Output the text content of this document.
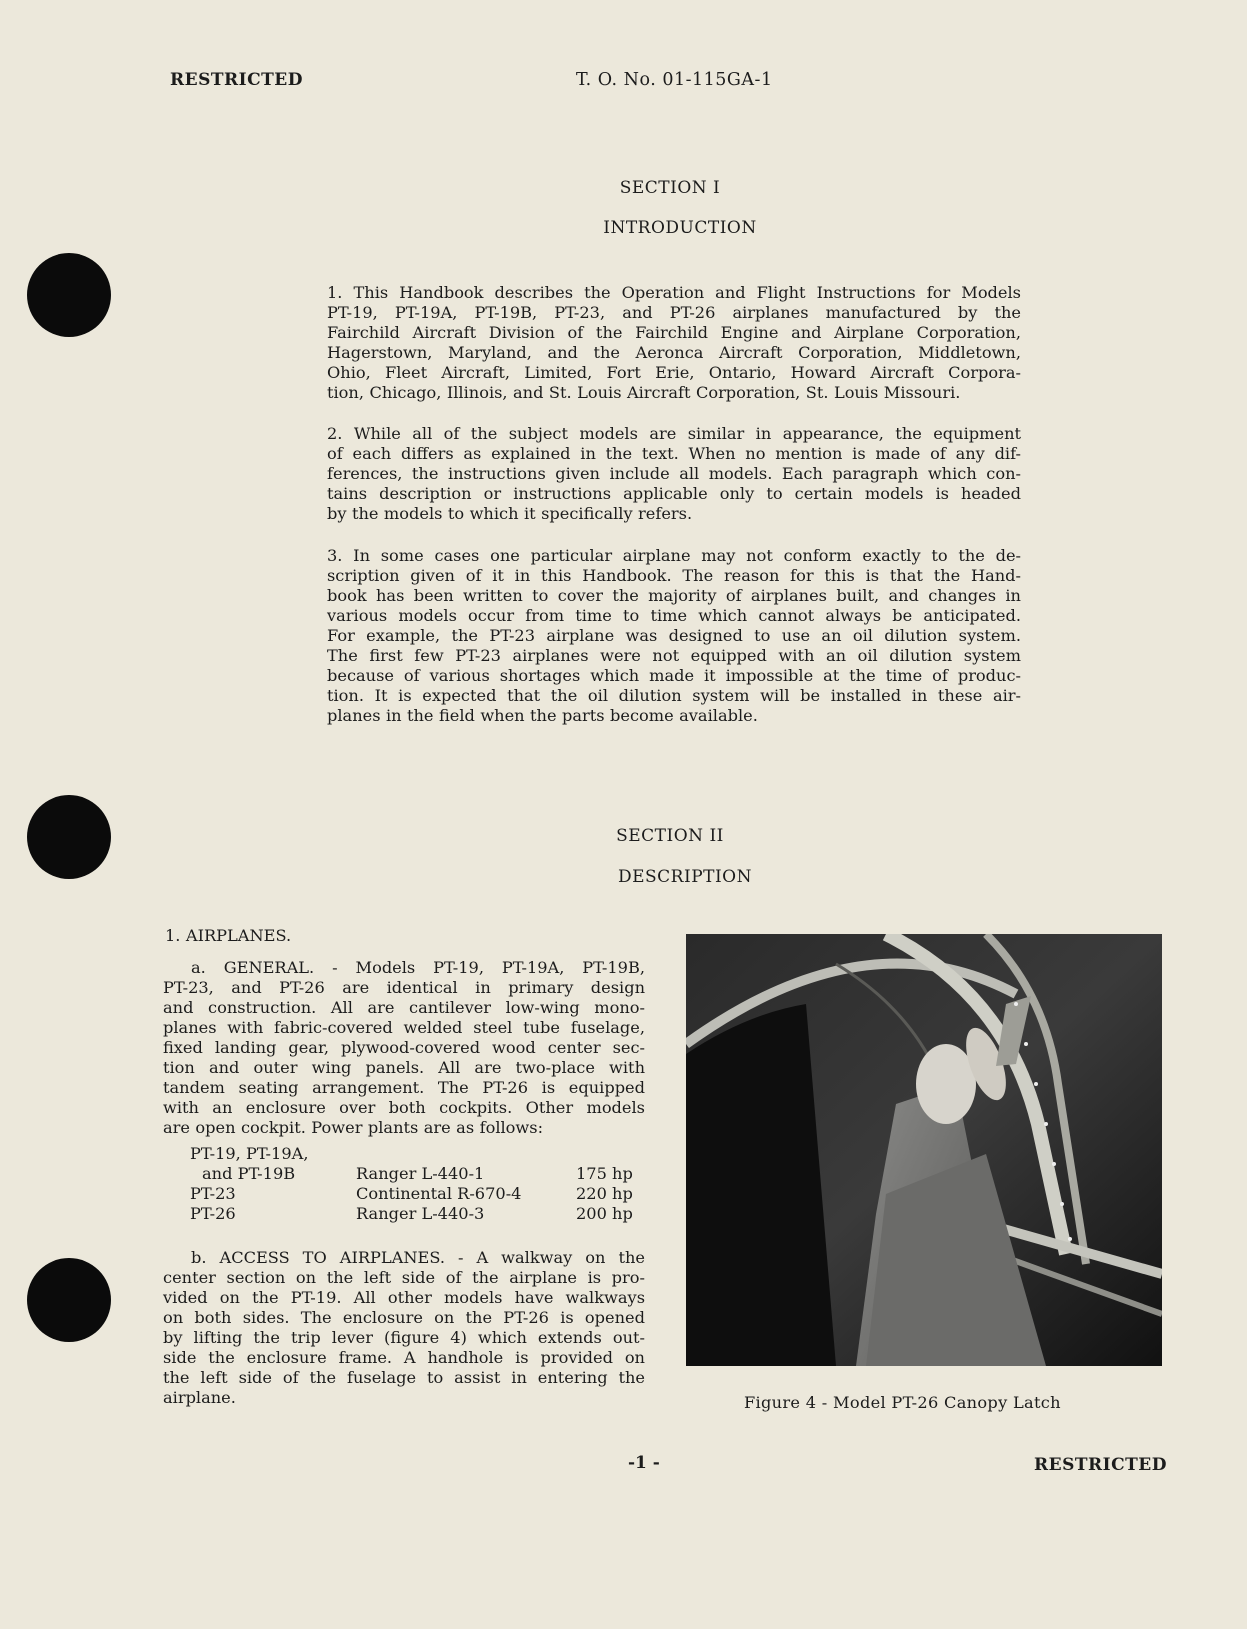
RESTRICTED	T. O. No. 01-115GA-1
SECTION I
INTRODUCTION
1. This Handbook describes the Operation and Flight Instructions for Models
PT-19, PT-19A, PT-19B, PT-23, and PT-26 airplanes manufactured by the
Fairchild Aircraft Division of the Fairchild Engine and Airplane Corporation,
Hagerstown, Maryland, and the Aeronca Aircraft Corporation, Middletown,
Ohio, Fleet Aircraft, Limited, Fort Erie, Ontario, Howard Aircraft Corpora-
tion, Chicago, Illinois, and St. Louis Aircraft Corporation, St. Louis Missouri.
2. While all of the subject models are similar in appearance, the equipment
of each differs as explained in the text. When no mention is made of any dif-
ferences, the instructions given include all models. Each paragraph which con-
tains description or instructions applicable only to certain models is headed
by the models to which it specifically refers.
3. In some cases one particular airplane may not conform exactly to the de-
scription given of it in this Handbook. The reason for this is that the Hand-
book has been written to cover the majority of airplanes built, and changes in
various models occur from time to time which cannot always be anticipated.
For example, the PT-23 airplane was designed to use an oil dilution system.
The first few PT-23 airplanes were not equipped with an oil dilution system
because of various shortages which made it impossible at the time of produc-
tion. It is expected that the oil dilution system will be installed in these air-
planes in the field when the parts become available.
SECTION II
DESCRIPTION
1. AIRPLANES.
a. GENERAL. - Models PT-19, PT-19A, PT-19B,
PT-23, and PT-26 are identical in primary design
and construction. All are cantilever low-wing mono-
planes with fabric-covered welded steel tube fuselage,
fixed landing gear, plywood-covered wood center sec-
tion and outer wing panels. All are two-place with
tandem seating arrangement. The PT-26 is equipped
with an enclosure over both cockpits. Other models
are open cockpit. Power plants are as follows:
PT-19, PT-19A,
and PT-19B	Ranger L-440-1	175 hp
PT-23	Continental R-670-4	220 hp
PT-26	Ranger L-440-3	200 hp
b. ACCESS TO AIRPLANES. - A walkway on the
center section on the left side of the airplane is pro-
vided on the PT-19. All other models have walkways
on both sides. The enclosure on the PT-26 is opened
by lifting the trip lever (figure 4) which extends out-
side the enclosure frame. A handhole is provided on
the left side of the fuselage to assist in entering the
airplane.	Figure 4 - Model PT-26 Canopy Latch
-1 -	RESTRICTED
